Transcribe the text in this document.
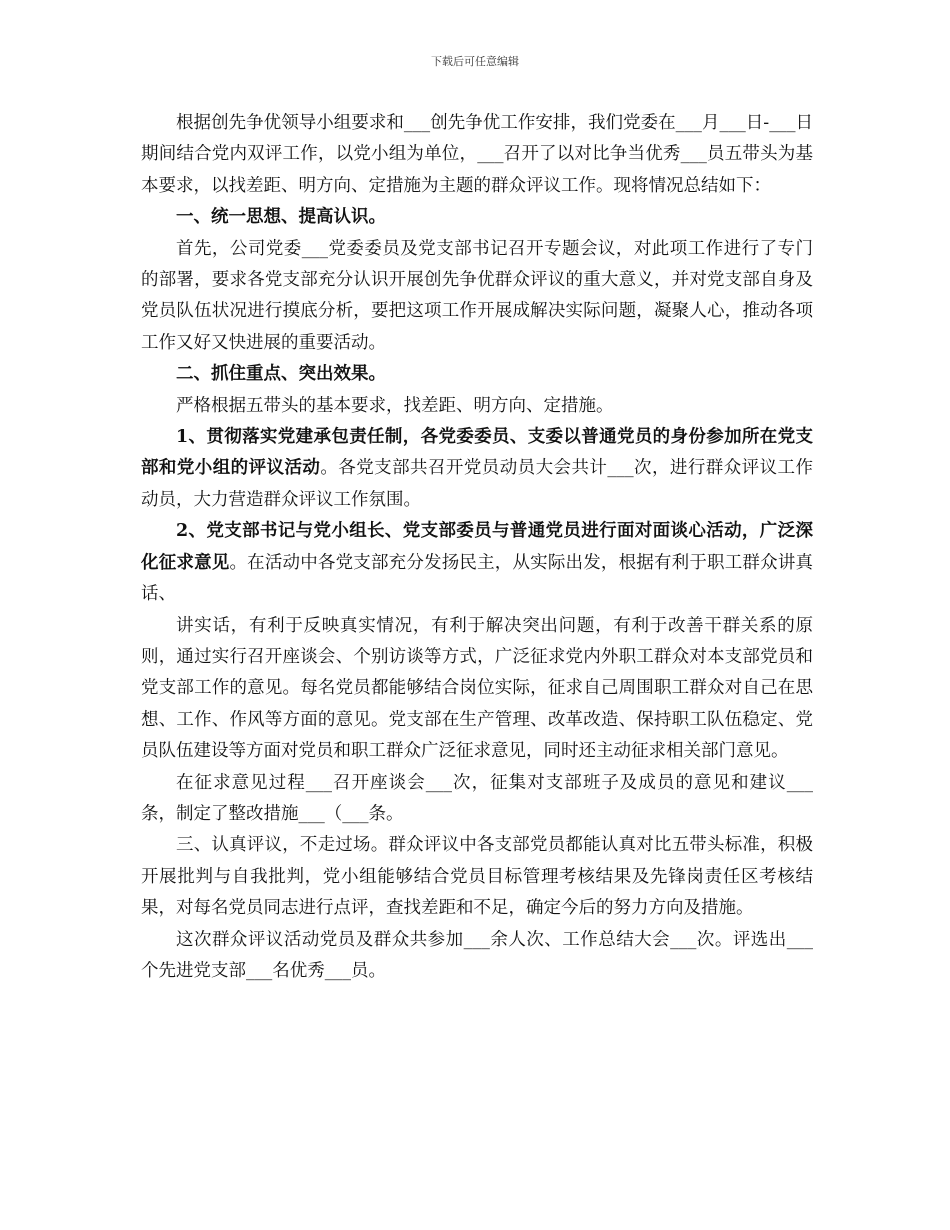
下载后可任意编辑

根据创先争优领导小组要求和___创先争优工作安排，我们党委在___月___日-___日期间结合党内双评工作，以党小组为单位，___召开了以对比争当优秀___员五带头为基本要求，以找差距、明方向、定措施为主题的群众评议工作。现将情况总结如下：

一、统一思想、提高认识。

首先，公司党委___党委委员及党支部书记召开专题会议，对此项工作进行了专门的部署，要求各党支部充分认识开展创先争优群众评议的重大意义，并对党支部自身及党员队伍状况进行摸底分析，要把这项工作开展成解决实际问题，凝聚人心，推动各项工作又好又快进展的重要活动。

二、抓住重点、突出效果。

严格根据五带头的基本要求，找差距、明方向、定措施。

1、贯彻落实党建承包责任制，各党委委员、支委以普通党员的身份参加所在党支部和党小组的评议活动。各党支部共召开党员动员大会共计___次，进行群众评议工作动员，大力营造群众评议工作氛围。

2、党支部书记与党小组长、党支部委员与普通党员进行面对面谈心活动，广泛深化征求意见。在活动中各党支部充分发扬民主，从实际出发，根据有利于职工群众讲真话、

讲实话，有利于反映真实情况，有利于解决突出问题，有利于改善干群关系的原则，通过实行召开座谈会、个别访谈等方式，广泛征求党内外职工群众对本支部党员和党支部工作的意见。每名党员都能够结合岗位实际，征求自己周围职工群众对自己在思想、工作、作风等方面的意见。党支部在生产管理、改革改造、保持职工队伍稳定、党员队伍建设等方面对党员和职工群众广泛征求意见，同时还主动征求相关部门意见。

在征求意见过程___召开座谈会___次，征集对支部班子及成员的意见和建议___条，制定了整改措施___（___条。

三、认真评议，不走过场。群众评议中各支部党员都能认真对比五带头标准，积极开展批判与自我批判，党小组能够结合党员目标管理考核结果及先锋岗责任区考核结果，对每名党员同志进行点评，查找差距和不足，确定今后的努力方向及措施。

这次群众评议活动党员及群众共参加___余人次、工作总结大会___次。评选出___个先进党支部___名优秀___员。
